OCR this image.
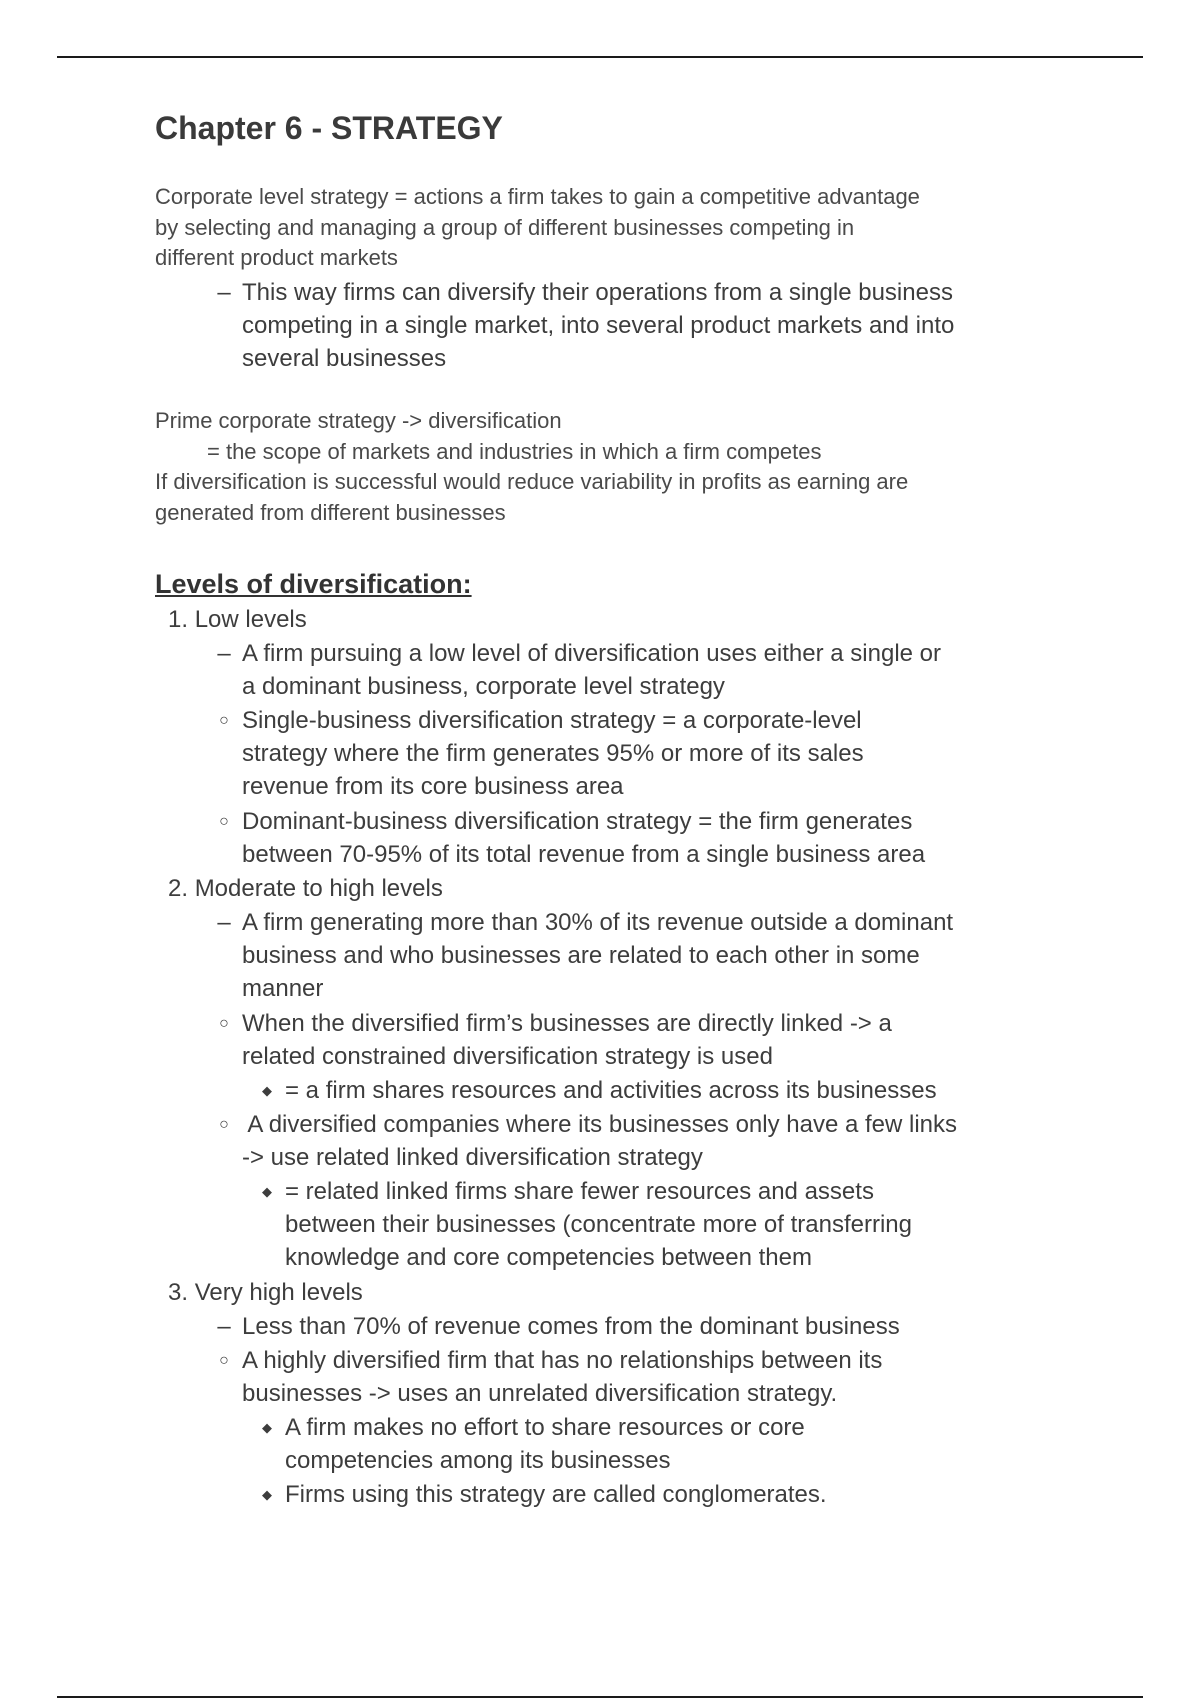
Chapter 6 - STRATEGY
Corporate level strategy = actions a firm takes to gain a competitive advantage
by selecting and managing a group of different businesses competing in
different product markets
– This way firms can diversify their operations from a single business
competing in a single market, into several product markets and into
several businesses
Prime corporate strategy -> diversification
= the scope of markets and industries in which a firm competes
If diversification is successful would reduce variability in profits as earning are
generated from different businesses
Levels of diversification:
1. Low levels
– A firm pursuing a low level of diversification uses either a single or
a dominant business, corporate level strategy
○ Single-business diversification strategy = a corporate-level
strategy where the firm generates 95% or more of its sales
revenue from its core business area
○ Dominant-business diversification strategy = the firm generates
between 70-95% of its total revenue from a single business area
2. Moderate to high levels
– A firm generating more than 30% of its revenue outside a dominant
business and who businesses are related to each other in some
manner
○ When the diversified firm’s businesses are directly linked -> a
related constrained diversification strategy is used
◆ = a firm shares resources and activities across its businesses
○ A diversified companies where its businesses only have a few links
-> use related linked diversification strategy
◆ = related linked firms share fewer resources and assets
between their businesses (concentrate more of transferring
knowledge and core competencies between them
3. Very high levels
– Less than 70% of revenue comes from the dominant business
○ A highly diversified firm that has no relationships between its
businesses -> uses an unrelated diversification strategy.
◆ A firm makes no effort to share resources or core
competencies among its businesses
◆ Firms using this strategy are called conglomerates.
